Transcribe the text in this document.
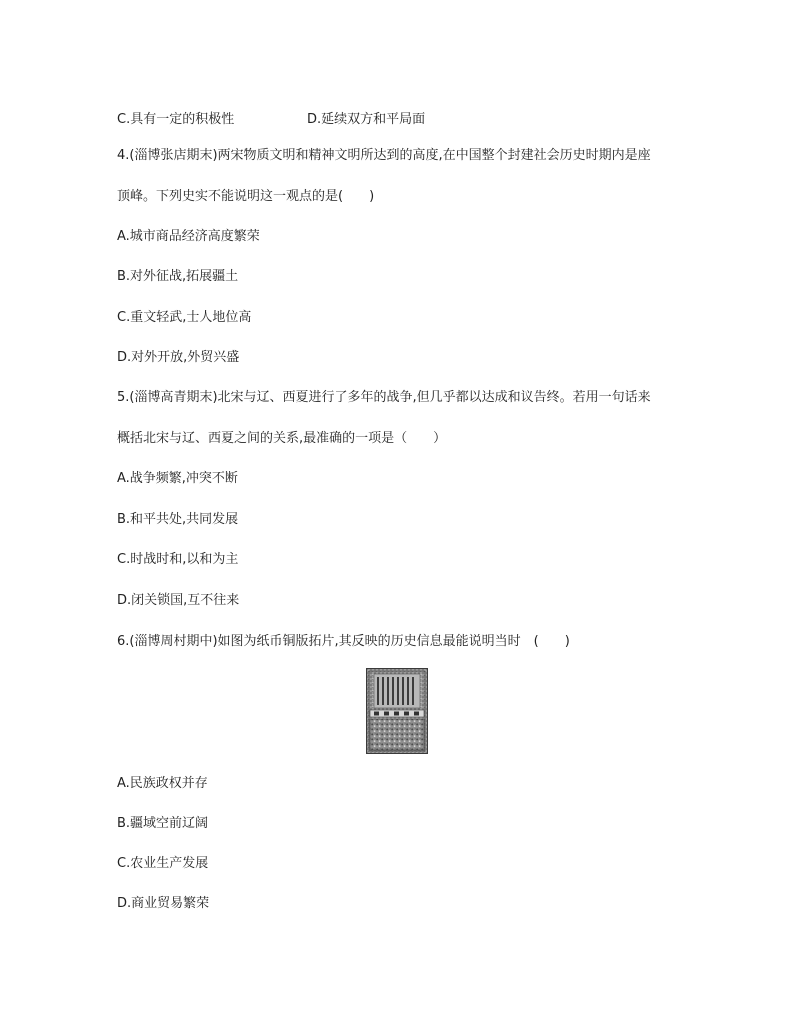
C.具有一定的积极性	D.延续双方和平局面
4.(淄博张店期末)两宋物质文明和精神文明所达到的高度,在中国整个封建社会历史时期内是座
顶峰。下列史实不能说明这一观点的是(　　)
A.城市商品经济高度繁荣
B.对外征战,拓展疆土
C.重文轻武,士人地位高
D.对外开放,外贸兴盛
5.(淄博高青期末)北宋与辽、西夏进行了多年的战争,但几乎都以达成和议告终。若用一句话来
概括北宋与辽、西夏之间的关系,最准确的一项是（　　）
A.战争频繁,冲突不断
B.和平共处,共同发展
C.时战时和,以和为主
D.闭关锁国,互不往来
6.(淄博周村期中)如图为纸币铜版拓片,其反映的历史信息最能说明当时　(　　)
A.民族政权并存
B.疆域空前辽阔
C.农业生产发展
D.商业贸易繁荣
